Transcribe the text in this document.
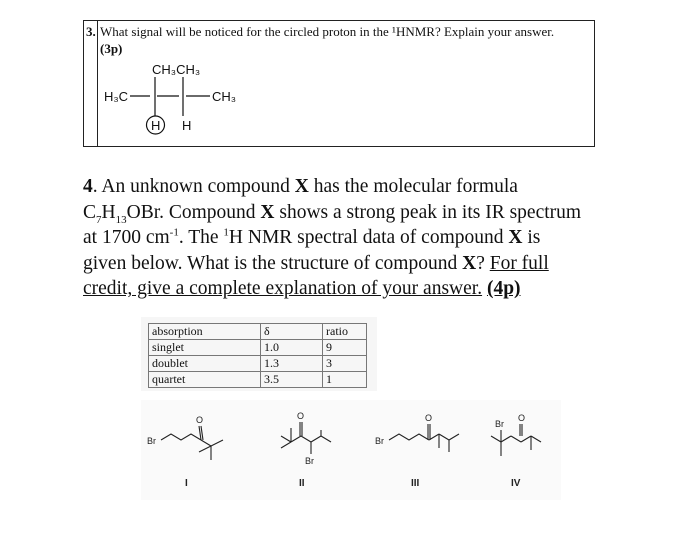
3. What signal will be noticed for the circled proton in the ¹HNMR? Explain your answer.
(3p)
CH₃CH₃
H₃C	CH₃
H H

4. An unknown compound X has the molecular formula

$C_7H_{13}OBr$. Compound X shows a strong peak in its IR spectrum

at 1700 $cm^{-1}$. The $^1$H NMR spectral data of compound X is

given below. What is the structure of compound X? For full

credit, give a complete explanation of your answer. (4p)

absorption	δ	ratio
singlet	1.0	9
doublet	1.3	3
quartet	3.5	1
Br
O	O
Br
Br
O
Br
O
I	II	III	IV
